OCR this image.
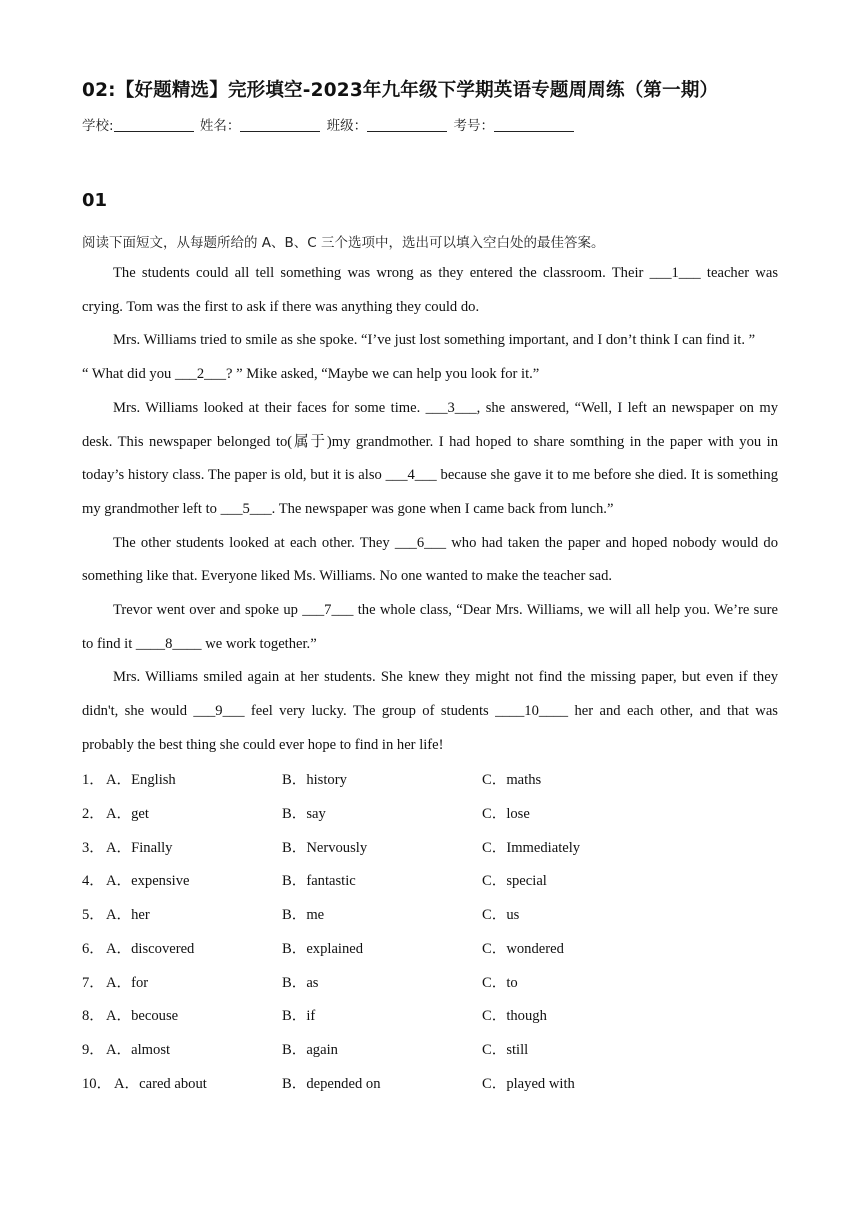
02:【好题精选】完形填空-2023年九年级下学期英语专题周周练（第一期）
学校:	姓名：	班级：	考号：
01
阅读下面短文，从每题所给的 A、B、C 三个选项中，选出可以填入空白处的最佳答案。

The students could all tell something was wrong as they entered the classroom. Their ___1___ teacher was crying. Tom was the first to ask if there was anything they could do.

Mrs. Williams tried to smile as she spoke. “I’ve just lost something important, and I don’t think I can find it. ”

“ What did you ___2___? ” Mike asked, “Maybe we can help you look for it.”

Mrs. Williams looked at their faces for some time. ___3___, she answered, “Well, I left an newspaper on my desk. This newspaper belonged to(属于)my grandmother. I had hoped to share somthing in the paper with you in today’s history class. The paper is old, but it is also ___4___ because she gave it to me before she died. It is something my grandmother left to ___5___. The newspaper was gone when I came back from lunch.”

The other students looked at each other. They ___6___ who had taken the paper and hoped nobody would do something like that. Everyone liked Ms. Williams. No one wanted to make the teacher sad.

Trevor went over and spoke up ___7___ the whole class, “Dear Mrs. Williams, we will all help you. We’re sure to find it ____8____ we work together.”

Mrs. Williams smiled again at her students. She knew they might not find the missing paper, but even if they didn't, she would ___9___ feel very lucky. The group of students ____10____ her and each other, and that was probably the best thing she could ever hope to find in her life!

1． A．English	B．history	C．maths
2． A．get	B．say	C．lose
3． A．Finally	B．Nervously	C．Immediately
4． A．expensive	B．fantastic	C．special
5． A．her	B．me	C．us
6． A．discovered	B．explained	C．wondered
7． A．for	B．as	C．to
8． A．becouse	B．if	C．though
9． A．almost	B．again	C．still
10． A．cared about	B．depended on	C．played with
